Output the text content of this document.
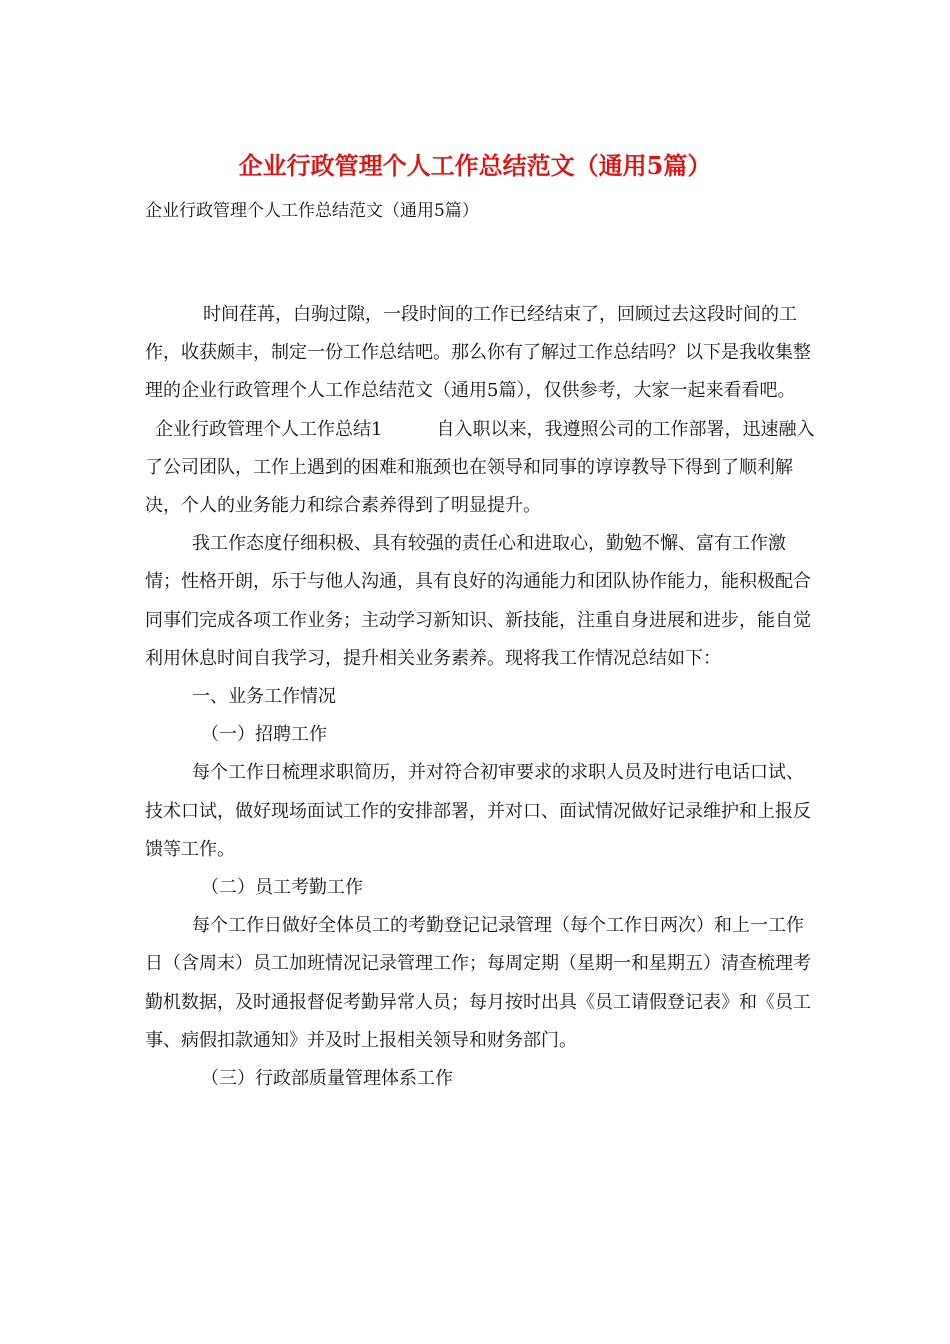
企业行政管理个人工作总结范文（通用5篇）

企业行政管理个人工作总结范文（通用5篇）

时间荏苒，白驹过隙，一段时间的工作已经结束了，回顾过去这段时间的工作，收获颇丰，制定一份工作总结吧。那么你有了解过工作总结吗？以下是我收集整理的企业行政管理个人工作总结范文（通用5篇），仅供参考，大家一起来看看吧。

企业行政管理个人工作总结1	自入职以来，我遵照公司的工作部署，迅速融入了公司团队，工作上遇到的困难和瓶颈也在领导和同事的谆谆教导下得到了顺利解决，个人的业务能力和综合素养得到了明显提升。

我工作态度仔细积极、具有较强的责任心和进取心，勤勉不懈、富有工作激情；性格开朗，乐于与他人沟通，具有良好的沟通能力和团队协作能力，能积极配合同事们完成各项工作业务；主动学习新知识、新技能，注重自身进展和进步，能自觉利用休息时间自我学习，提升相关业务素养。现将我工作情况总结如下：

一、业务工作情况

（一）招聘工作

每个工作日梳理求职简历，并对符合初审要求的求职人员及时进行电话口试、技术口试，做好现场面试工作的安排部署，并对口、面试情况做好记录维护和上报反馈等工作。

（二）员工考勤工作

每个工作日做好全体员工的考勤登记记录管理（每个工作日两次）和上一工作日（含周末）员工加班情况记录管理工作；每周定期（星期一和星期五）清查梳理考勤机数据，及时通报督促考勤异常人员；每月按时出具《员工请假登记表》和《员工事、病假扣款通知》并及时上报相关领导和财务部门。

（三）行政部质量管理体系工作
